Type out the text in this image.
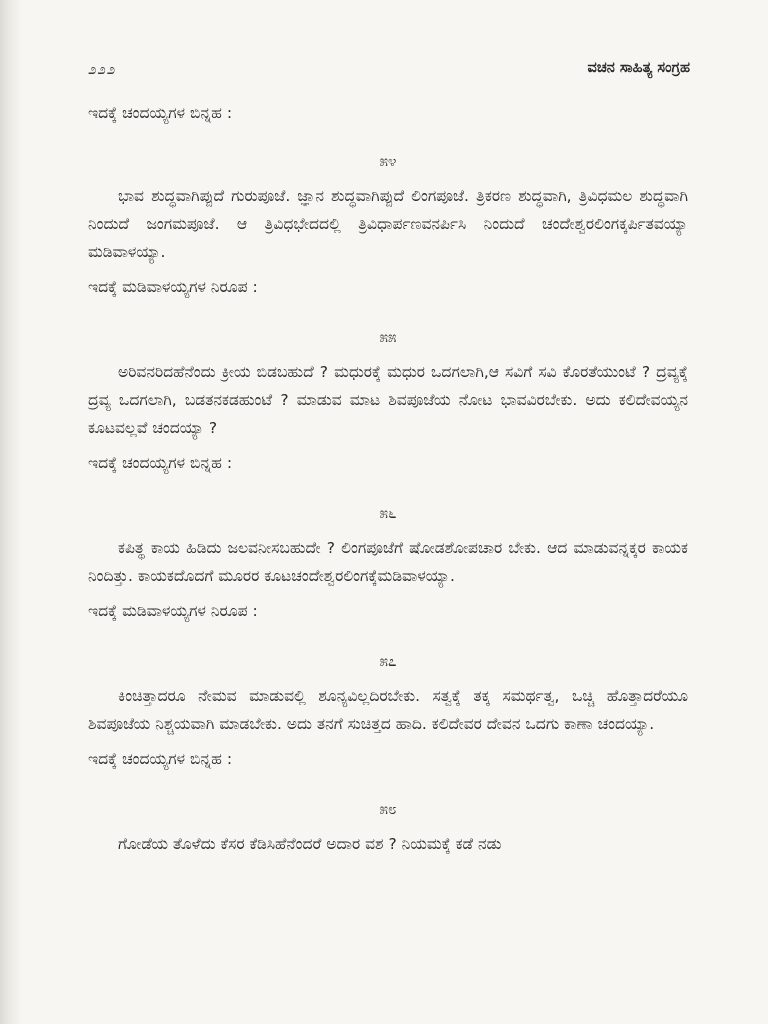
೨೨೨	ವಚನ ಸಾಹಿತ್ಯ ಸಂಗ್ರಹ

ಇದಕ್ಕೆ ಚಂದಯ್ಯಗಳ ಬಿನ್ನಹ :

೫೪

ಭಾವ ಶುದ್ಧವಾಗಿಪ್ಪುದೆ ಗುರುಪೂಜೆ. ಜ್ಞಾನ ಶುದ್ಧವಾಗಿಪ್ಪುದೆ ಲಿಂಗಪೂಜೆ. ತ್ರಿಕರಣ ಶುದ್ಧವಾಗಿ, ತ್ರಿವಿಧಮಲ ಶುದ್ಧವಾಗಿ ನಿಂದುದೆ ಜಂಗಮಪೂಜೆ. ಆ ತ್ರಿವಿಧಭೇದದಲ್ಲಿ ತ್ರಿವಿಧಾರ್ಪಣವನರ್ಪಿಸಿ ನಿಂದುದೆ ಚಂದೇಶ್ವರಲಿಂಗಕ್ಕರ್ಪಿತವಯ್ಯಾ ಮಡಿವಾಳಯ್ಯಾ.

ಇದಕ್ಕೆ ಮಡಿವಾಳಯ್ಯಗಳ ನಿರೂಪ :

೫೫

ಅರಿವನರಿದಹೆನೆಂದು ಕ್ರೀಯ ಬಿಡಬಹುದೆ ? ಮಧುರಕ್ಕೆ ಮಧುರ ಒದಗಲಾಗಿ,ಆ ಸವಿಗೆ ಸವಿ ಕೊರತೆಯುಂಟೆ ? ದ್ರವ್ಯಕ್ಕೆ ದ್ರವ್ಯ ಒದಗಲಾಗಿ, ಬಡತನಕಡಹುಂಟೆ ? ಮಾಡುವ ಮಾಟ ಶಿವಪೂಜೆಯ ನೋಟ ಭಾವವಿರಬೇಕು. ಅದು ಕಲಿದೇವಯ್ಯನ ಕೂಟವಲ್ಲವೆ ಚಂದಯ್ಯಾ ?

ಇದಕ್ಕೆ ಚಂದಯ್ಯಗಳ ಬಿನ್ನಹ :

೫೬

ಕಪಿತ್ಥ ಕಾಯ ಹಿಡಿದು ಜಲವನೀಸಬಹುದೇ ? ಲಿಂಗಪೂಜೆಗೆ ಷೋಡಶೋಪಚಾರ ಬೇಕು. ಆದ ಮಾಡುವನ್ನಕ್ಕರ ಕಾಯಕ ನಿಂದಿತ್ತು. ಕಾಯಕದೊದಗೆ ಮೂರರ ಕೂಟಚಂದೇಶ್ವರಲಿಂಗಕ್ಕೆಮಡಿವಾಳಯ್ಯಾ.

ಇದಕ್ಕೆ ಮಡಿವಾಳಯ್ಯಗಳ ನಿರೂಪ :

೫೭

ಕಿಂಚಿತ್ತಾದರೂ ನೇಮವ ಮಾಡುವಲ್ಲಿ ಶೂನ್ಯವಿಲ್ಲದಿರಬೇಕು. ಸತ್ವಕ್ಕೆ ತಕ್ಕ ಸಮರ್ಥತ್ವ, ಒಚ್ಚಿ ಹೊತ್ತಾದರೆಯೂ ಶಿವಪೂಜೆಯ ನಿಶ್ಚಯವಾಗಿ ಮಾಡಬೇಕು. ಅದು ತನಗೆ ಸುಚಿತ್ತದ ಹಾದಿ. ಕಲಿದೇವರ ದೇವನ ಒದಗು ಕಾಣಾ ಚಂದಯ್ಯಾ.

ಇದಕ್ಕೆ ಚಂದಯ್ಯಗಳ ಬಿನ್ನಹ :

೫೮

ಗೋಡೆಯ ತೊಳೆದು ಕೆಸರ ಕೆಡಿಸಿಹೆನೆಂದರೆ ಅದಾರ ವಶ ? ನಿಯಮಕ್ಕೆ ಕಡೆ ನಡು
